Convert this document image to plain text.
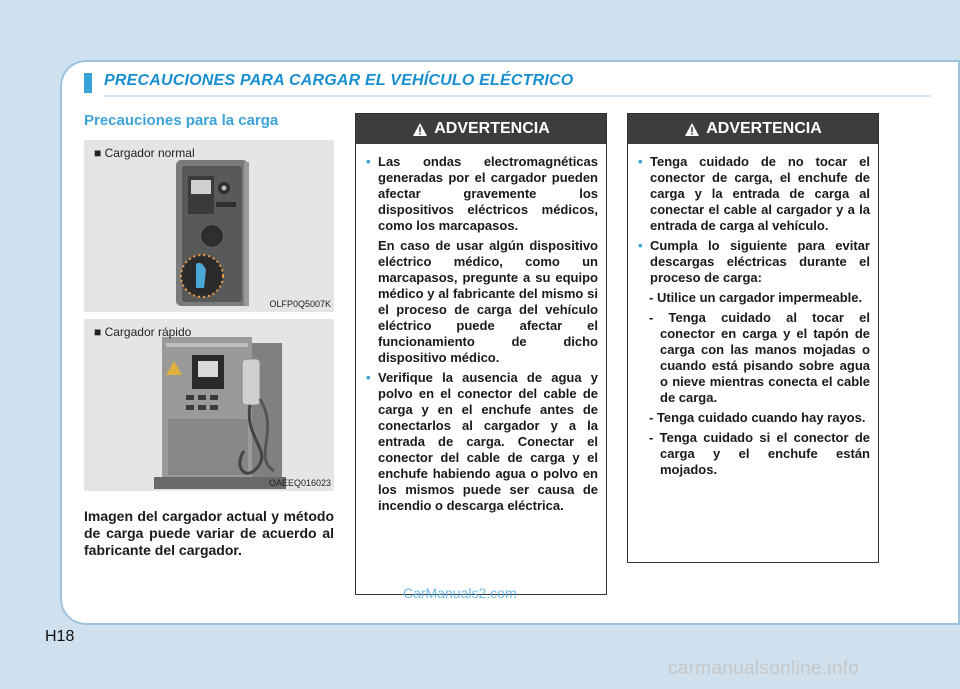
PRECAUCIONES PARA CARGAR EL VEHÍCULO ELÉCTRICO
Precauciones para la carga
■ Cargador normal
OLFP0Q5007K
■ Cargador rápido
OAEEQ016023
Imagen del cargador actual y método de carga puede variar de acuerdo al fabricante del cargador.
ADVERTENCIA
• Las ondas electromagnéticas generadas por el cargador pueden afectar gravemente los dispositivos eléctricos médicos, como los marcapasos.
En caso de usar algún dispositivo eléctrico médico, como un marcapasos, pregunte a su equipo médico y al fabricante del mismo si el proceso de carga del vehículo eléctrico puede afectar el funcionamiento de dicho dispositivo médico.
• Verifique la ausencia de agua y polvo en el conector del cable de carga y en el enchufe antes de conectarlos al cargador y a la entrada de carga. Conectar el conector del cable de carga y el enchufe habiendo agua o polvo en los mismos puede ser causa de incendio o descarga eléctrica.
ADVERTENCIA
• Tenga cuidado de no tocar el conector de carga, el enchufe de carga y la entrada de carga al conectar el cable al cargador y a la entrada de carga al vehículo.
• Cumpla lo siguiente para evitar descargas eléctricas durante el proceso de carga:
- Utilice un cargador impermeable.
- Tenga cuidado al tocar el conector en carga y el tapón de carga con las manos mojadas o cuando está pisando sobre agua o nieve mientras conecta el cable de carga.
- Tenga cuidado cuando hay rayos.
- Tenga cuidado si el conector de carga y el enchufe están mojados.
H18
CarManuals2.com
carmanualsonline.info
